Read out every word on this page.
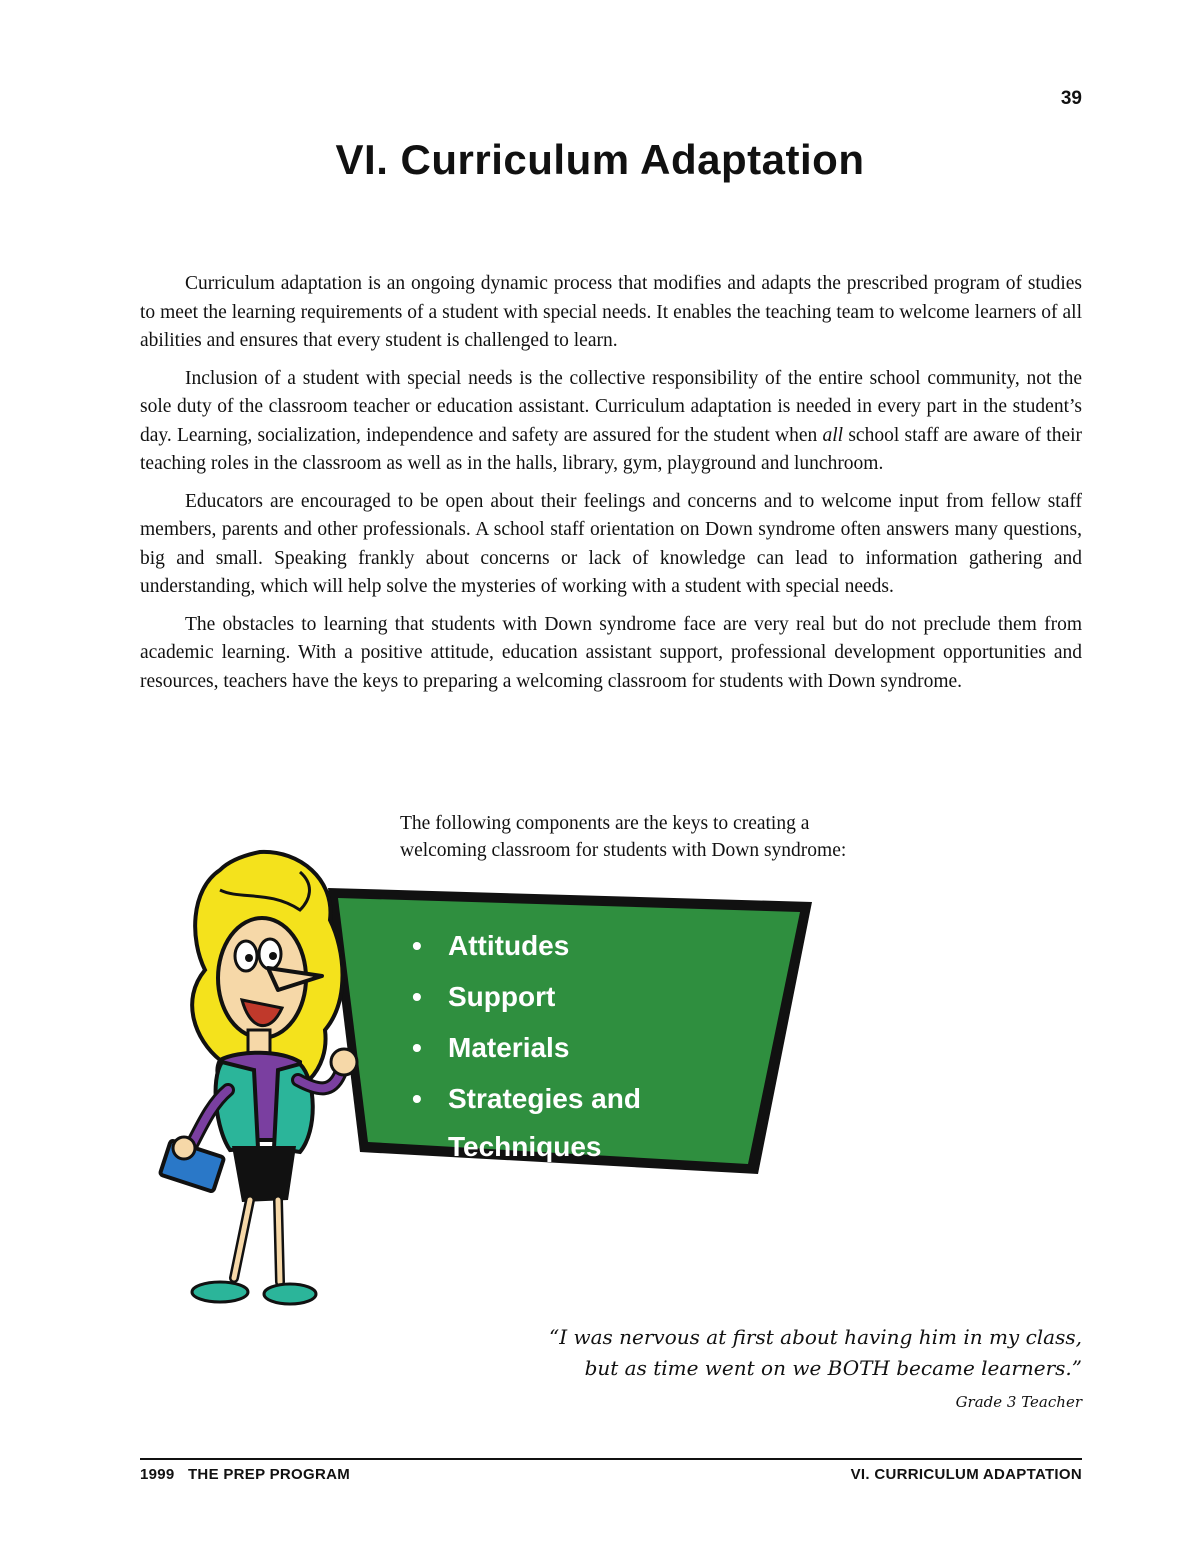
39
VI. Curriculum Adaptation

Curriculum adaptation is an ongoing dynamic process that modifies and adapts the prescribed program of studies to meet the learning requirements of a student with special needs. It enables the teaching team to welcome learners of all abilities and ensures that every student is challenged to learn.

Inclusion of a student with special needs is the collective responsibility of the entire school community, not the sole duty of the classroom teacher or education assistant. Curriculum adaptation is needed in every part in the student’s day. Learning, socialization, independence and safety are assured for the student when all school staff are aware of their teaching roles in the classroom as well as in the halls, library, gym, playground and lunchroom.

Educators are encouraged to be open about their feelings and concerns and to welcome input from fellow staff members, parents and other professionals. A school staff orientation on Down syndrome often answers many questions, big and small. Speaking frankly about concerns or lack of knowledge can lead to information gathering and understanding, which will help solve the mysteries of working with a student with special needs.

The obstacles to learning that students with Down syndrome face are very real but do not preclude them from academic learning. With a positive attitude, education assistant support, professional development opportunities and resources, teachers have the keys to preparing a welcoming classroom for students with Down syndrome.

The following components are the keys to creating a
welcoming classroom for students with Down syndrome:
• Attitudes
• Support
• Materials
• Strategies and Techniques
“I was nervous at first about having him in my class,
but as time went on we BOTH became learners.”
Grade 3 Teacher
1999   THE PREP PROGRAM	VI. CURRICULUM ADAPTATION
